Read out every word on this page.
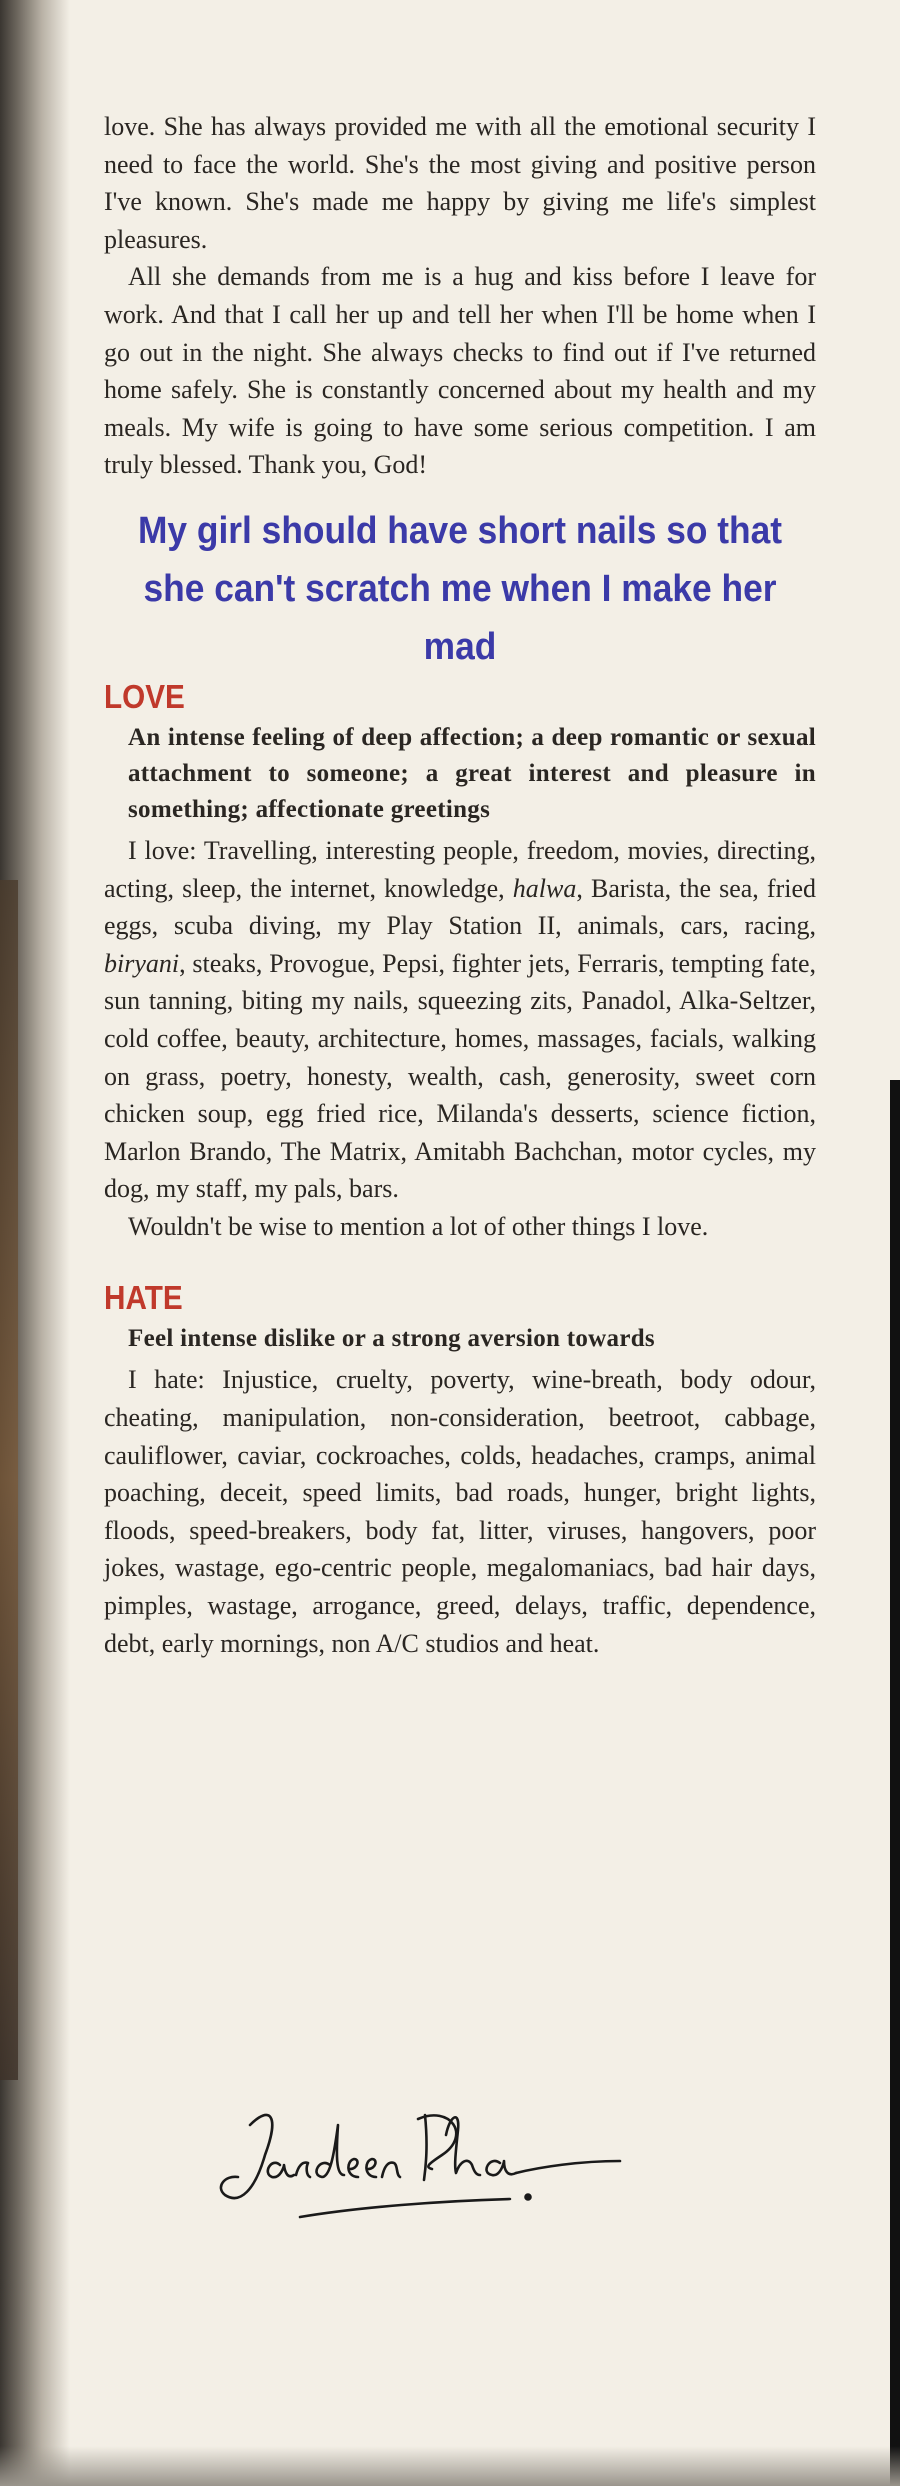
love. She has always provided me with all the emotional security I need to face the world. She's the most giving and positive person I've known. She's made me happy by giving me life's simplest pleasures.

All she demands from me is a hug and kiss before I leave for work. And that I call her up and tell her when I'll be home when I go out in the night. She always checks to find out if I've returned home safely. She is constantly concerned about my health and my meals. My wife is going to have some serious competition. I am truly blessed. Thank you, God!

My girl should have short nails so that she can't scratch me when I make her mad
LOVE
An intense feeling of deep affection; a deep romantic or sexual attachment to someone; a great interest and pleasure in something; affectionate greetings

I love: Travelling, interesting people, freedom, movies, directing, acting, sleep, the internet, knowledge, halwa, Barista, the sea, fried eggs, scuba diving, my Play Station II, animals, cars, racing, biryani, steaks, Provogue, Pepsi, fighter jets, Ferraris, tempting fate, sun tanning, biting my nails, squeezing zits, Panadol, Alka-Seltzer, cold coffee, beauty, architecture, homes, massages, facials, walking on grass, poetry, honesty, wealth, cash, generosity, sweet corn chicken soup, egg fried rice, Milanda's desserts, science fiction, Marlon Brando, The Matrix, Amitabh Bachchan, motor cycles, my dog, my staff, my pals, bars.

Wouldn't be wise to mention a lot of other things I love.

HATE
Feel intense dislike or a strong aversion towards

I hate: Injustice, cruelty, poverty, wine-breath, body odour, cheating, manipulation, non-consideration, beetroot, cabbage, cauliflower, caviar, cockroaches, colds, headaches, cramps, animal poaching, deceit, speed limits, bad roads, hunger, bright lights, floods, speed-breakers, body fat, litter, viruses, hangovers, poor jokes, wastage, ego-centric people, megalomaniacs, bad hair days, pimples, wastage, arrogance, greed, delays, traffic, dependence, debt, early mornings, non A/C studios and heat.
